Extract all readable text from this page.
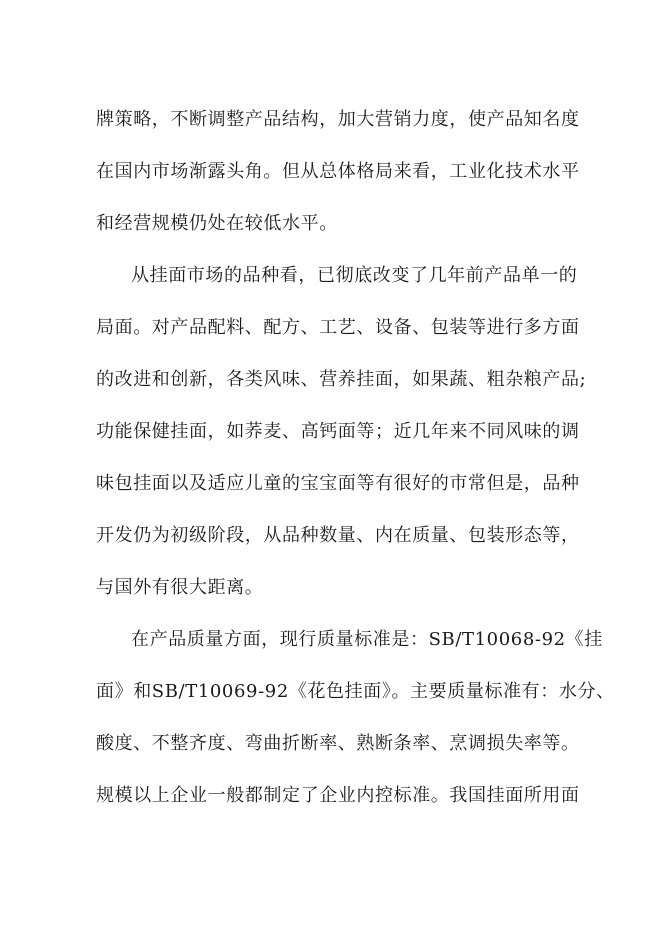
牌策略，不断调整产品结构，加大营销力度，使产品知名度
在国内市场渐露头角。但从总体格局来看，工业化技术水平
和经营规模仍处在较低水平。
从挂面市场的品种看，已彻底改变了几年前产品单一的
局面。对产品配料、配方、工艺、设备、包装等进行多方面
的改进和创新，各类风味、营养挂面，如果蔬、粗杂粮产品;
功能保健挂面，如荞麦、高钙面等；近几年来不同风味的调
味包挂面以及适应儿童的宝宝面等有很好的市常但是，品种
开发仍为初级阶段，从品种数量、内在质量、包装形态等，
与国外有很大距离。
在产品质量方面，现行质量标准是：SB/T10068-92《挂
面》和SB/T10069-92《花色挂面》。主要质量标准有：水分、
酸度、不整齐度、弯曲折断率、熟断条率、烹调损失率等。
规模以上企业一般都制定了企业内控标准。我国挂面所用面
